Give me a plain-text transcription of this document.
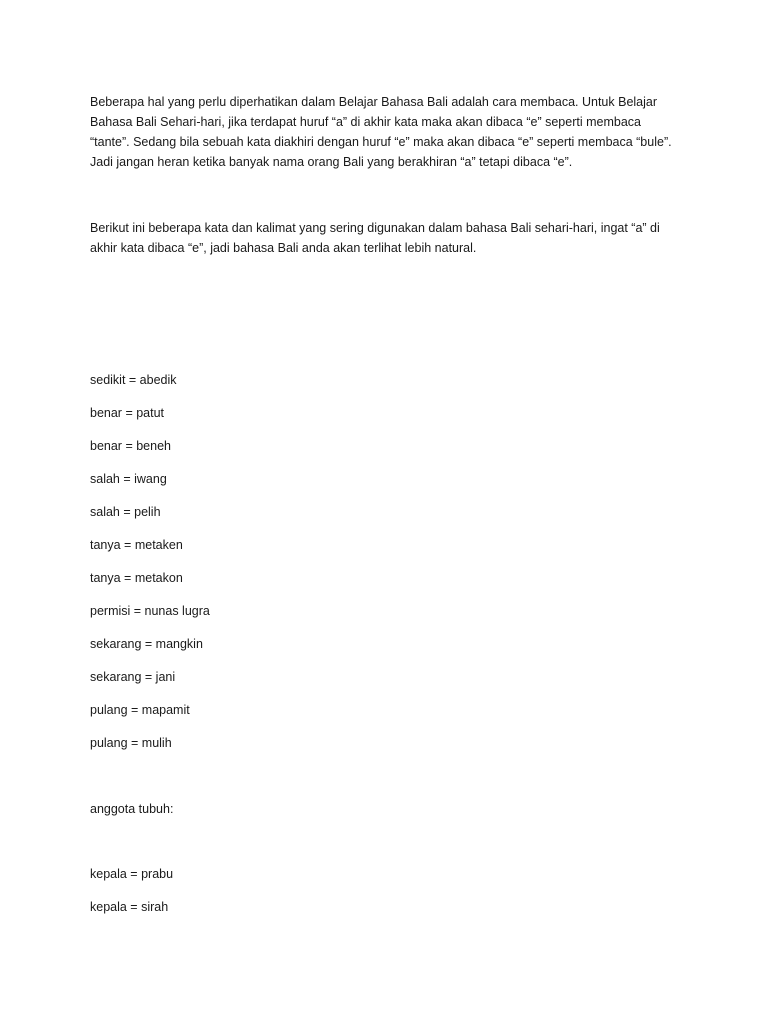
Beberapa hal yang perlu diperhatikan dalam Belajar Bahasa Bali adalah cara membaca. Untuk Belajar Bahasa Bali Sehari-hari, jika terdapat huruf “a” di akhir kata maka akan dibaca “e” seperti membaca “tante”. Sedang bila sebuah kata diakhiri dengan huruf “e” maka akan dibaca “e” seperti membaca “bule”. Jadi jangan heran ketika banyak nama orang Bali yang berakhiran “a” tetapi dibaca “e”.

Berikut ini beberapa kata dan kalimat yang sering digunakan dalam bahasa Bali sehari-hari, ingat “a” di akhir kata dibaca “e”, jadi bahasa Bali anda akan terlihat lebih natural.

sedikit = abedik

benar = patut

benar = beneh

salah = iwang

salah = pelih

tanya = metaken

tanya = metakon

permisi = nunas lugra

sekarang = mangkin

sekarang = jani

pulang = mapamit

pulang = mulih

anggota tubuh:

kepala = prabu

kepala = sirah
